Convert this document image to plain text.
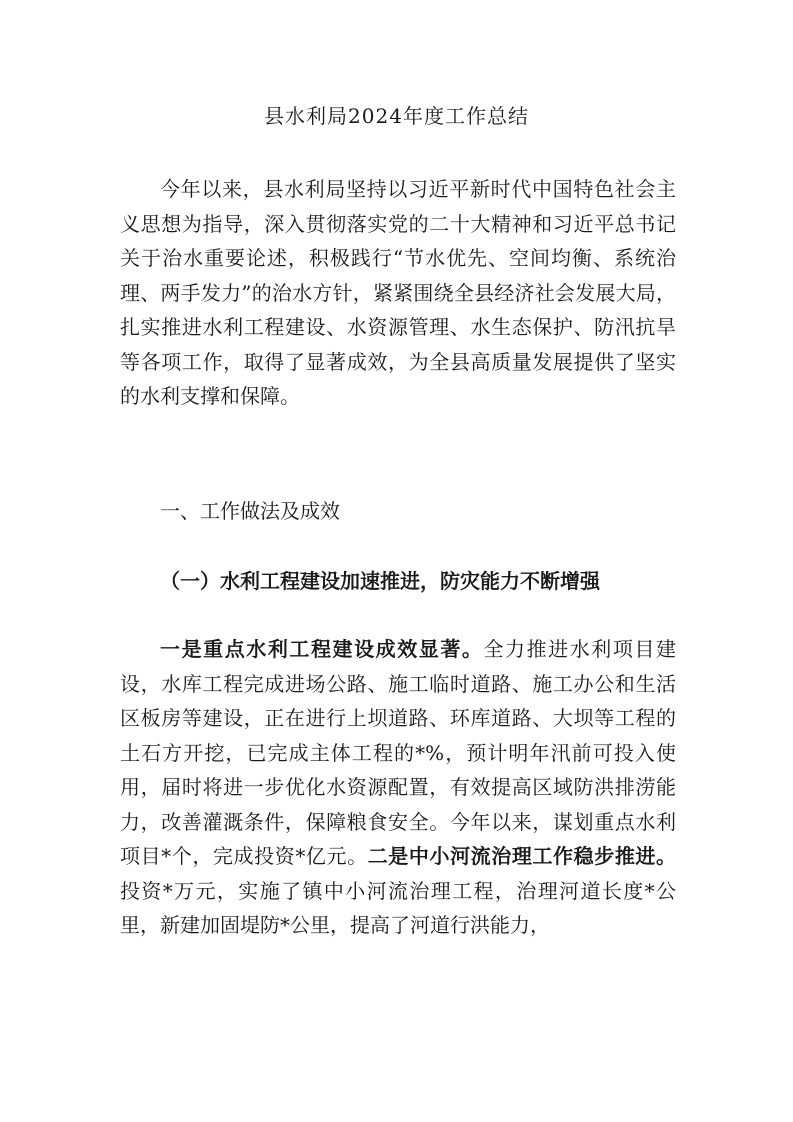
县水利局2024年度工作总结
今年以来，县水利局坚持以习近平新时代中国特色社会主义思想为指导，深入贯彻落实党的二十大精神和习近平总书记关于治水重要论述，积极践行“节水优先、空间均衡、系统治理、两手发力”的治水方针，紧紧围绕全县经济社会发展大局，扎实推进水利工程建设、水资源管理、水生态保护、防汛抗旱等各项工作，取得了显著成效，为全县高质量发展提供了坚实的水利支撑和保障。
一、工作做法及成效
（一）水利工程建设加速推进，防灾能力不断增强
一是重点水利工程建设成效显著。全力推进水利项目建设，水库工程完成进场公路、施工临时道路、施工办公和生活区板房等建设，正在进行上坝道路、环库道路、大坝等工程的土石方开挖，已完成主体工程的*%，预计明年汛前可投入使用，届时将进一步优化水资源配置，有效提高区域防洪排涝能力，改善灌溉条件，保障粮食安全。今年以来，谋划重点水利项目*个，完成投资*亿元。二是中小河流治理工作稳步推进。投资*万元，实施了镇中小河流治理工程，治理河道长度*公里，新建加固堤防*公里，提高了河道行洪能力，
